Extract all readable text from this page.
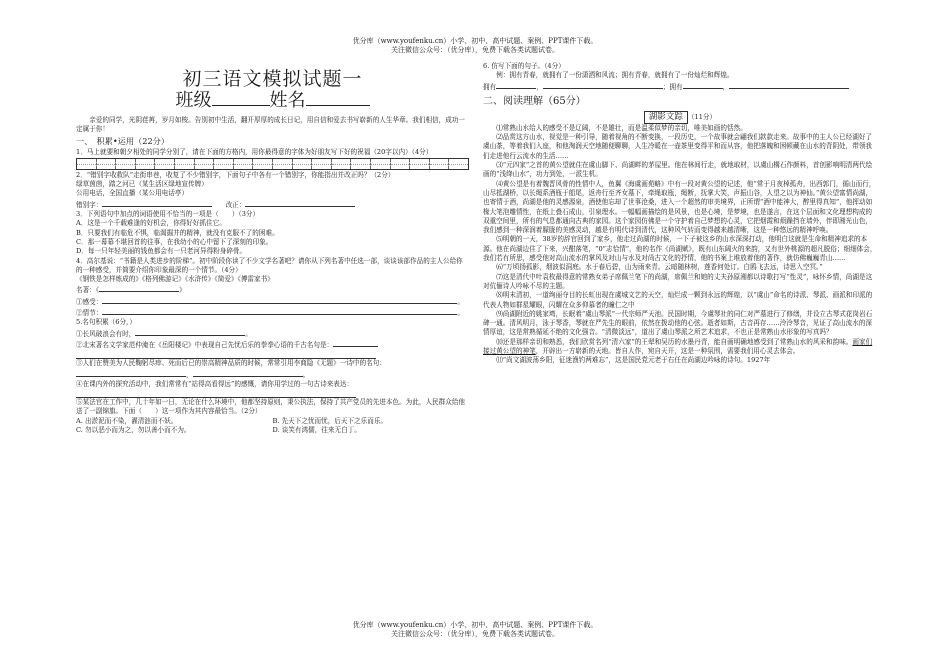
优分库（www.youfenku.cn）小学、初中、高中试题、案例、PPT课件下载。
关注微信公众号：（优分库），免费下载各类试题试卷。
初三语文模拟试题一
班级	姓名
亲爱的同学，光阴荏苒，岁月如梭。告别初中生活，翻开厚厚的成长日记，用自信和爱去书写崭新的人生华章。我们相信，成功一定属于你！
一、　积累•运用（22分）
1．马上就要和朝夕相处的同学分别了，请在下面的方格内，用你最得意的字体为好朋友写下好的祝福（20字以内）（4分）
2．“错别字收救队”走街串巷，收复了不少错别字，下面句子中各有一个错别字，你能指出并改正吗？（2分）
绿草茵茵，踏之河已（某生活区绿地宣传牌）
公用电话，全国直播（某公用电话亭）
错别字：　　	改正：
3．下列语句中加点的词语使用不恰当的一项是（　　）（3分）
A．这是一个千载难逢的好机会，你得好好抓住它。
B．只要我们有临危不惧，临渴掘井的精神，就没有克服不了的困难。
C．那一幕幕不堪回首的往事，在我幼小的心中留下了深刻的印象。
D．每一只年轻美丽的钱鱼都会有一只老河异得粉身碎骨。
4．高尔基说：“书籍是人类进步的阶梯”。初中阶段你读了不少文学名著吧？请你从下列名著中任选一部，谈谈该部作品的主人公给你的一种感受，并简要介绍你印象最深的一个情节。（4分）
《钢铁是怎样炼成的》《格列佛游记》《水浒传》《简爱》《傅雷家书》
名著：《	》
①感受：	。
②情节：	。
5.名句积累（6分，）
①长风破浪会有时，	。
②北宋著名文学家范仲淹在《岳阳楼记》中表现自己先忧后乐的拳拳心语的千古名句是：
③人们在赞美为人民鞠躬尽瘁、死而后已的崇高精神品质的时候，常常引用李商隐《无题》一诗中的名句：，	。
④在课内外的探究活动中，我们常常有“站得高看得远”的感慨，请你用学过的一句古诗来表达：
⑤某法官在工作中，几十年如一日，无论在什么环境中，他都坚持原则，秉公执法，保持了共产党员的先进本色。为此，人民群众给他送了一副锦旗。下面（　　）这一项作为其内容最恰当。（2分）
A. 出淤泥而不染，濯清涟而不妖。	B. 先天下之忧而忧，后天下之乐而乐。
C. 勿以恶小而为之，勿以善小而不为。	D. 谈笑有鸿儒，往来无白丁。
6. 仿写下面的句子。（4分）
例：拥有青春，就拥有了一份潇洒和风流；拥有青春，就拥有了一份灿烂和辉煌。
拥有	，	；拥有	，
二、阅读理解（65分）
湖影文踪 （11分）
⑴常熟山水给人的感受不是辽阔，不是雄壮，而是温柔似梦的亲切，唯美如画的恬然。
⑵品赏这方山水，视觉是一种引导，随着视角的不断变换，一段历史，一个故事就会翩我们款款走来。故事中的主人公已经湖好了虞山茶，等着我们入座，和他淘润天空地随便聊聊，人生冷暖在一壶茶里变得平和而从容，他把落魄和困顿藏在山水的背阴处，带领我们走进他行云流水的生活……
⑶“元四家”之首的黄公望就住在虞山脚下、尚湖畔的茅屋里。他在林间行走，就地取材，以虞山構石作颜料，首创影响明清两代绘画的“浅绛山水”，功力到处，一派生机。
⑷黄公望是有着魏晋风骨的性情中人，鱼翼《海虞画苑略》中有一段对黄公望的记述，他“常于月夜棹孤舟，出西郭门，循山而行，山尽抵湖桥，以长绳系酒瓶于船尾，返舟行至齐女墓下，牵绳取瓶，绳断，抚掌大笑，声振山谷，人望之以为神仙。”黄公望富情尚湖，也寄情于酒，尚湖是他的灵感源泉，酒使他忘却了世事沧桑，进入一个超然的审美境界，正所谓“酒中能神大，醉里得真知”，他挥动如椽大笔泡雕情性，在纸上叠石成山，引泉理水。一幅幅画描绘的是风景，也是心境，是梦境，也是遂言，在这个层面和文化理想构成的双重空间里，所有的气息都通向古典的家园。这个家园仿佛是一个守护着自己梦想的心灵，它把烟霞和烦躁挡在墙外，伴即湘光山色，我们感到一种深润着朦胧的美感灵动，越是有明代诗到清代，这种风气转而变得越来越清晰，这是一种悠远的精神呼唤。
⑸明朝的一天，38岁的辞官回到了家乡，他走过尚湖的时候，一下子被这乡的山水深深打动，他明白这就是生命和精神追求的本源。他在尚湖边住了下来，兴酣落笔，“0”志恰情”，他的名作《尚湖赋》，既有山东阔火的来韵，又有世外桃源的超凡脱俗；细细体会，我们若有所思，感受他对高山流水的掌风及对山与水及对尚古文化的抒情，他的书案上堆放着他的著作，就仿佛巍巍青山……
⑹“万顷扬孤影，烟波似洞庭。水于春后碧，山为雨来青。云暗随林树，莲香何处订。白鸥飞去远，诗思入空冥。”
⑺这是清代中叶袁枚最得意的常熟女弟子席佩兰笔下的尚湖，席佩兰和她的丈夫孙原湘都以诗歌打写“性灵”，咏怀乡情，尚湖是这对伉俪诗人吟咏不尽的主题。
⑻明末清初，一道绚丽夺目的长虹出现在虞城文艺的天空，灿烂成一颗到永远的辉煌，以“虞山”命名的诗派、琴派、画派和印派的代表人物如群星耀眼，闪耀在众多仰慕者的瞳仁之中
⑼尚湖附近的姚家塆，长眠着“虞山琴派”一代宗师严天池。民国时期，今虞琴社的同仁对严墓进行了修缮，并设立古琴式花岗岩石碑一通。清风明月，泳于琴香，琴就在严先生的眼前，依然在拨动他的心弦。逝者如斯，古音再存……泠泠琴音，见证了高山流水的深情厚谊，这是常熟循延不绝的文化强音。“清微淡远”，道出了虞山琴派之所艺术追求，不也正是常熟山水形象的写真吗？
⑽还是那样亲切和熟悉，我们欣赏名列“清六家”的王翚和吴历的水墨丹青，能自画明确地感受到了常熟山水的风采和韵味。画家们接过黄公望的神笔，开辟出一方崭新的天地。皆自人作，宛自天开，这是一种氛围，需要我们用心灵去体会。
⑾“尚文湖波荡乡阳，征迷渔钓两难忘”，这是国民党元老于右任在尚湖边吟咏的诗句。1927年
优分库（www.youfenku.cn）小学、初中、高中试题、案例、PPT课件下载。
关注微信公众号：（优分库），免费下载各类试题试卷。
